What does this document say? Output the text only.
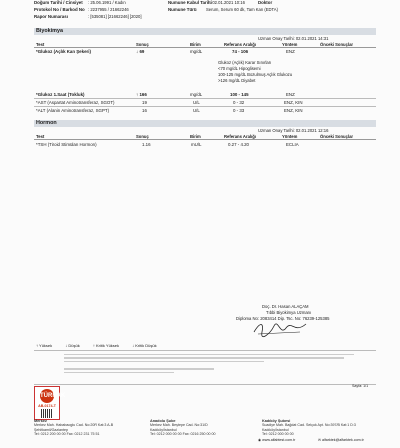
Doğum Tarihi / Cinsiyet : 25.06.1991 / Kadın
Protokol No / Barkod No : 2237955 / 21662246
Rapor Numarası	: [535081] [21662246] [2020]
Numune Kabul Tarihi
: 02.01.2021 10:16
Numune Türü
Doktor
Serum, Serum 60 dk, Tam Kan (EDTA)
Biyokimya
Uzman Onay Tarihi: 02.01.2021 14:31
Test	Sonuç	Birim	Referans Aralığı	Yöntem	Önceki Sonuçlar
*Glukoz (Açlık Kan Şekeri)	↓ 69	mg/dL	74 - 106	ENZ
Glukoz (Açlık) Karar Sınırları
<70 mg/dL Hipoglisemi
100-125 mg/dL Bozulmuş Açlık Glukozu
>126 mg/dL Diyabet
*Glukoz 1.Saat (Tokluk)	↑ 166	mg/dL	100 - 145	ENZ
*AST (Aspartat Aminotransferaz, SGOT)	19	U/L	0 - 32	ENZ, KIN
*ALT (Alanin Aminotransferaz, SGPT)	16	U/L	0 - 33	ENZ, KIN
Hormon
Uzman Onay Tarihi: 02.01.2021 12:16
Test	Sonuç	Birim	Referans Aralığı	Yöntem	Önceki Sonuçlar
*TSH (Tiroid Stimülan Hormon)	1.16	mU/L	0.27 - 4.20	ECLIA
Doç. Dr. Hasan ALAÇAM
Tıbbi Biyokimya Uzmanı
Diploma No: 2083414 Dip. Tsc. No: 76239-125385
↑ Yüksek	↓ Düşük	↑ Kritik Yüksek	↓ Kritik Düşük
TÜRKAK
AB-0174-T
Sayfa: 1/1
Merkez
Merkez Mah. Hababaoglu Cad. No:20R Kat:3 A-B
Şehitkamil/Gaziantep
Tel: 0212 200 00 00 Fax: 0212 231 75 51
Anadolu Şube
Merkez Mah. Beştepe Cad. No:31/D
Kadıköy/İstanbul
Tel: 0212 000 00 00 Fax: 0216 250 00 00
Kadıköy Şubesi
Suadiye Mah. Bağdat Cad. Selçuk Apt. No:397/B Kat:1 D:3
Kadıköy/İstanbul
Tel: 0212 000 00 00
◉ www.alfabtest.com.tr	✉ alfarktek@alfarktek.com.tr
